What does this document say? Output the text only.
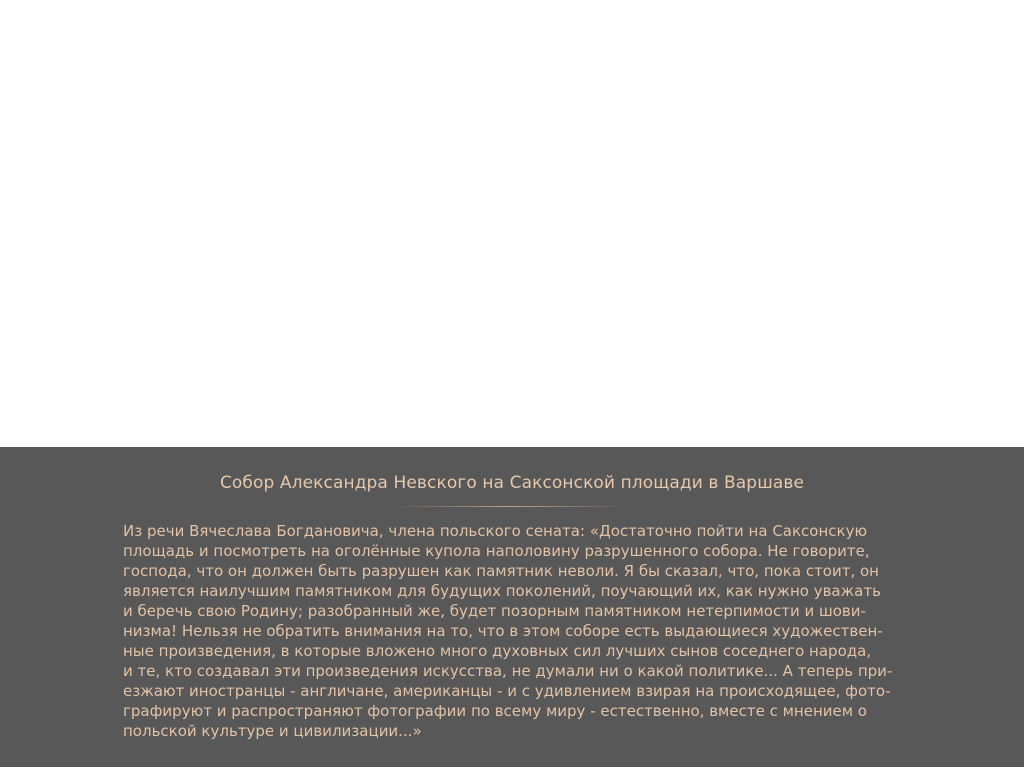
Собор Александра Невского на Саксонской площади в Варшаве
Из речи Вячеслава Богдановича, члена польского сената: «Достаточно пойти на Саксонскую
площадь и посмотреть на оголённые купола наполовину разрушенного собора. Не говорите,
господа, что он должен быть разрушен как памятник неволи. Я бы сказал, что, пока стоит, он
является наилучшим памятником для будущих поколений, поучающий их, как нужно уважать
и беречь свою Родину; разобранный же, будет позорным памятником нетерпимости и шови-
низма! Нельзя не обратить внимания на то, что в этом соборе есть выдающиеся художествен-
ные произведения, в которые вложено много духовных сил лучших сынов соседнего народа,
и те, кто создавал эти произведения искусства, не думали ни о какой политике... А теперь при-
езжают иностранцы - англичане, американцы - и с удивлением взирая на происходящее, фото-
графируют и распространяют фотографии по всему миру - естественно, вместе с мнением о
польской культуре и цивилизации...»
